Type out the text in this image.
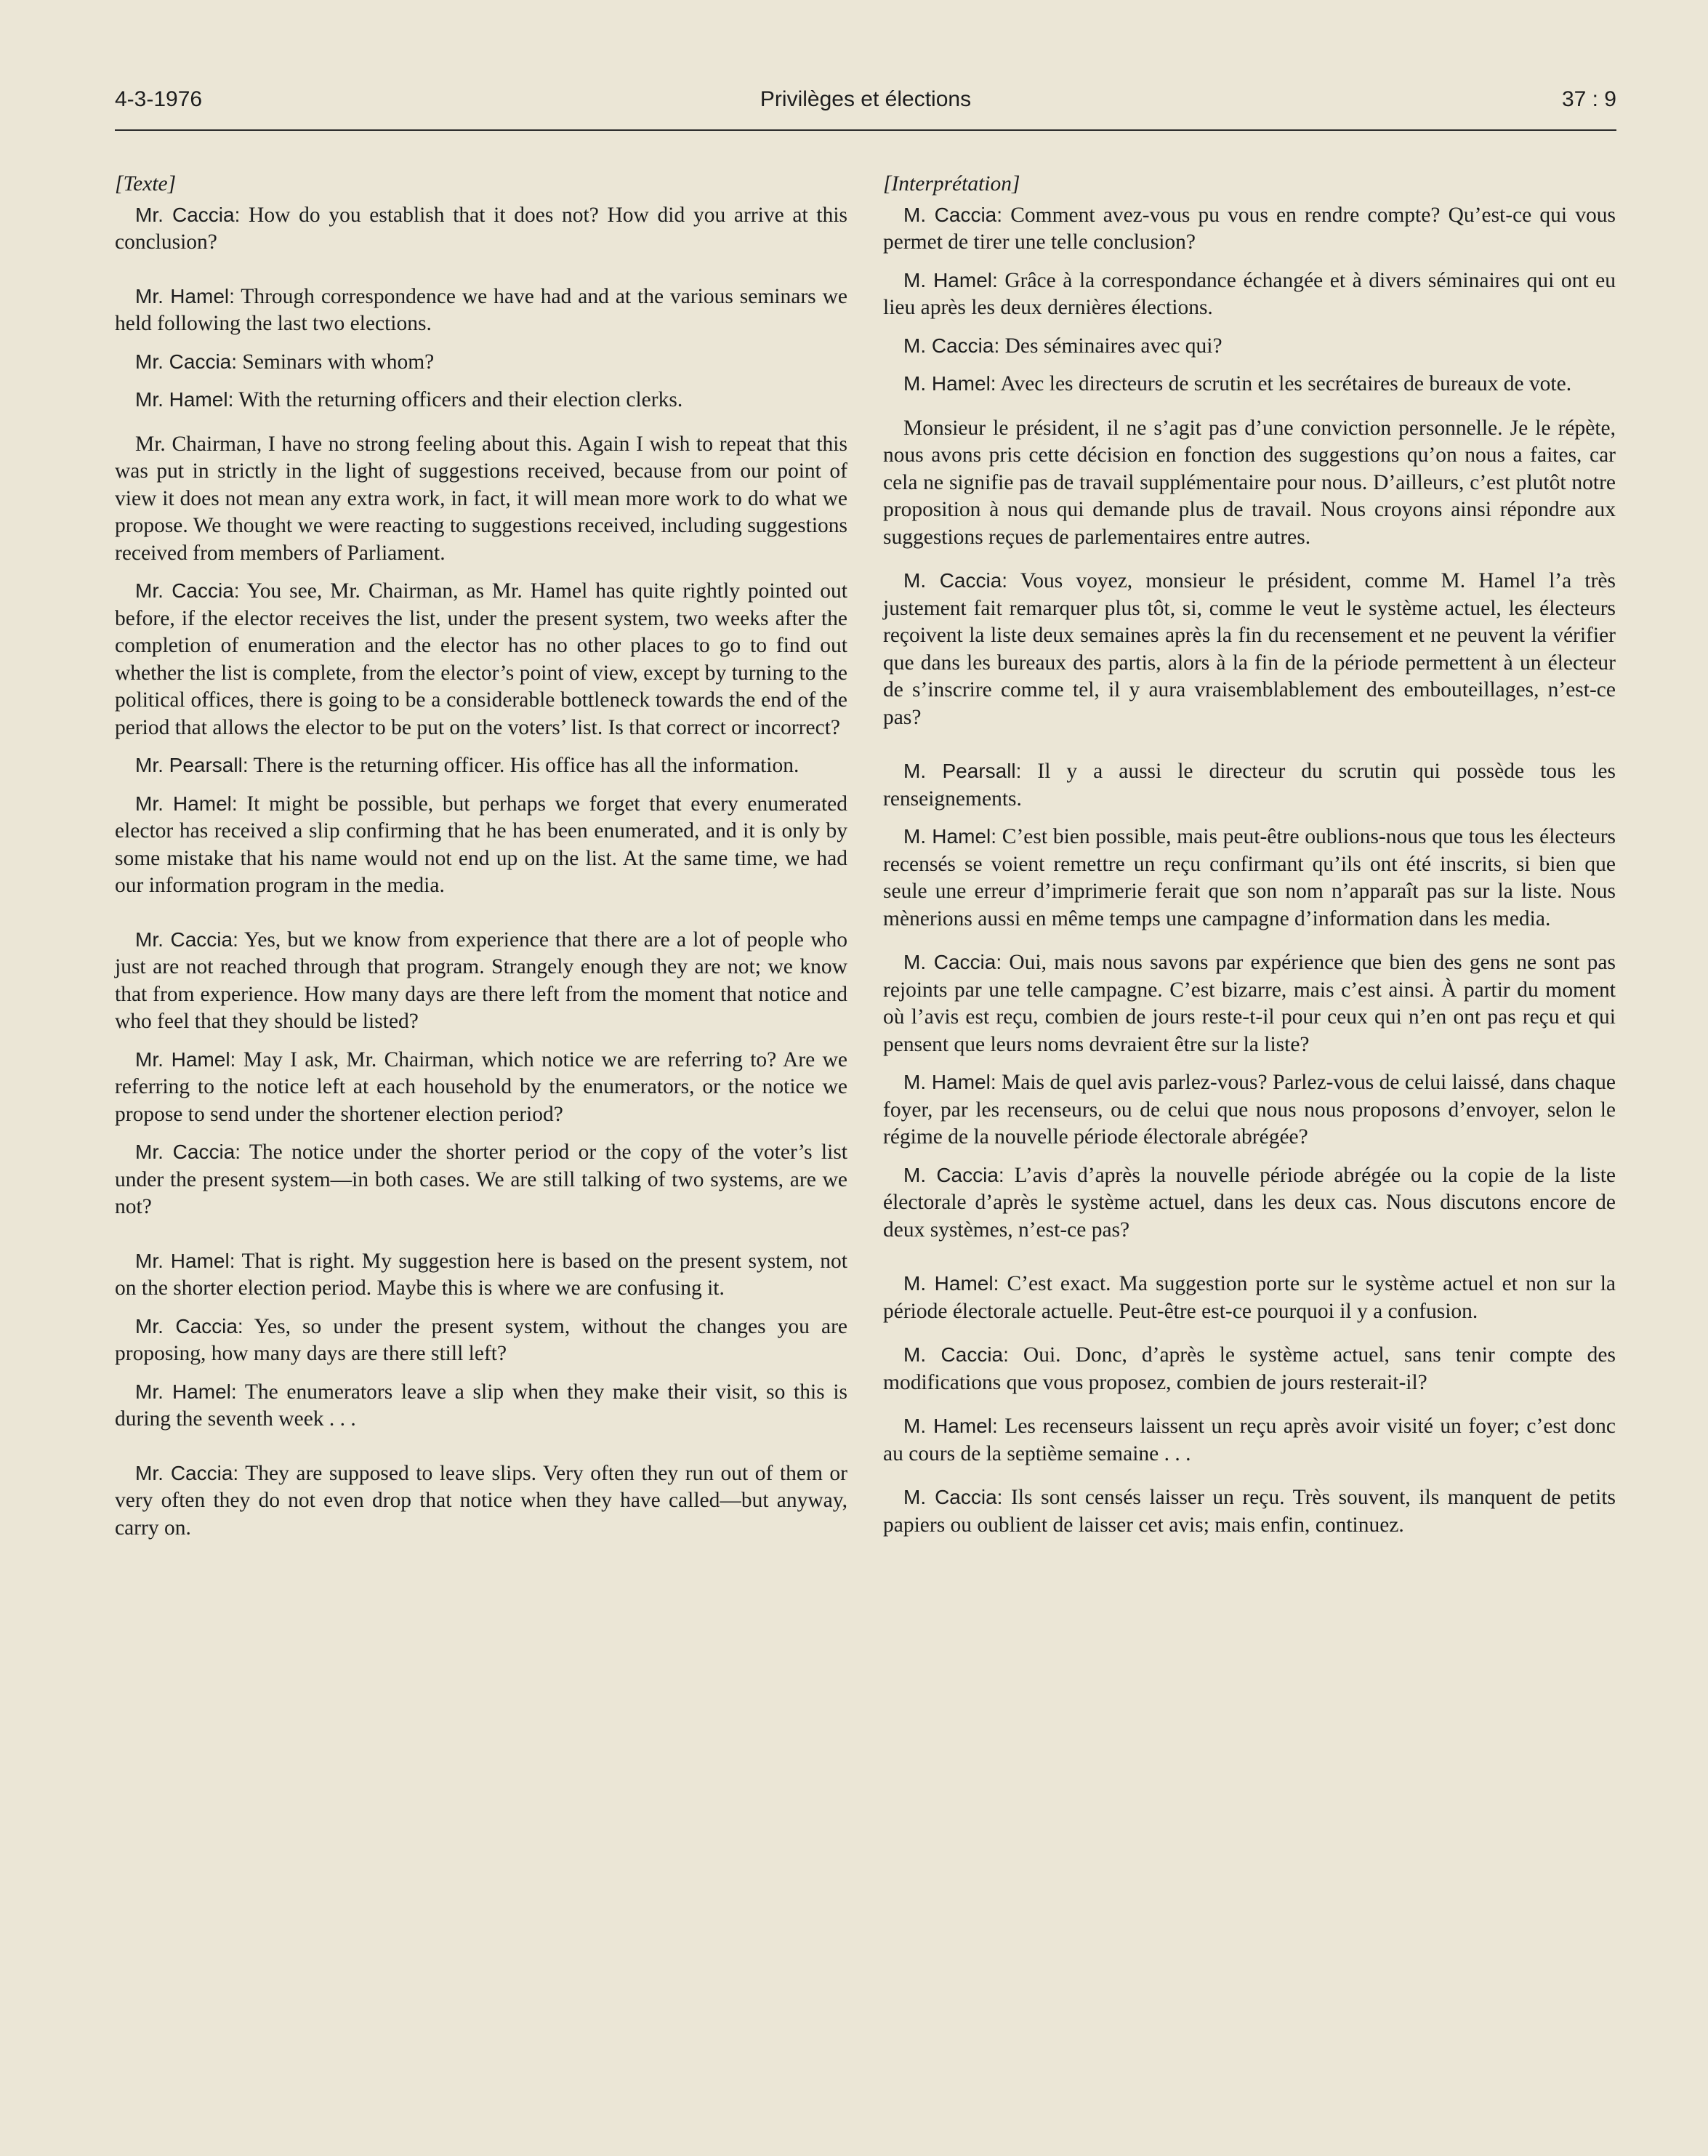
4-3-1976	Privilèges et élections	37 : 9

[Texte]

Mr. Caccia: How do you establish that it does not? How did you arrive at this conclusion?

Mr. Hamel: Through correspondence we have had and at the various seminars we held following the last two elections.

Mr. Caccia: Seminars with whom?

Mr. Hamel: With the returning officers and their election clerks.

Mr. Chairman, I have no strong feeling about this. Again I wish to repeat that this was put in strictly in the light of suggestions received, because from our point of view it does not mean any extra work, in fact, it will mean more work to do what we propose. We thought we were reacting to suggestions received, including suggestions received from members of Parliament.

Mr. Caccia: You see, Mr. Chairman, as Mr. Hamel has quite rightly pointed out before, if the elector receives the list, under the present system, two weeks after the completion of enumeration and the elector has no other places to go to find out whether the list is complete, from the elector’s point of view, except by turning to the political offices, there is going to be a considerable bottleneck towards the end of the period that allows the elector to be put on the voters’ list. Is that correct or incorrect?

Mr. Pearsall: There is the returning officer. His office has all the information.

Mr. Hamel: It might be possible, but perhaps we forget that every enumerated elector has received a slip confirming that he has been enumerated, and it is only by some mistake that his name would not end up on the list. At the same time, we had our information program in the media.

Mr. Caccia: Yes, but we know from experience that there are a lot of people who just are not reached through that program. Strangely enough they are not; we know that from experience. How many days are there left from the moment that notice and who feel that they should be listed?

Mr. Hamel: May I ask, Mr. Chairman, which notice we are referring to? Are we referring to the notice left at each household by the enumerators, or the notice we propose to send under the shortener election period?

Mr. Caccia: The notice under the shorter period or the copy of the voter’s list under the present system—in both cases. We are still talking of two systems, are we not?

Mr. Hamel: That is right. My suggestion here is based on the present system, not on the shorter election period. Maybe this is where we are confusing it.

Mr. Caccia: Yes, so under the present system, without the changes you are proposing, how many days are there still left?

Mr. Hamel: The enumerators leave a slip when they make their visit, so this is during the seventh week . . .

Mr. Caccia: They are supposed to leave slips. Very often they run out of them or very often they do not even drop that notice when they have called—but anyway, carry on.

[Interprétation]

M. Caccia: Comment avez-vous pu vous en rendre compte? Qu’est-ce qui vous permet de tirer une telle conclusion?

M. Hamel: Grâce à la correspondance échangée et à divers séminaires qui ont eu lieu après les deux dernières élections.

M. Caccia: Des séminaires avec qui?

M. Hamel: Avec les directeurs de scrutin et les secrétaires de bureaux de vote.

Monsieur le président, il ne s’agit pas d’une conviction personnelle. Je le répète, nous avons pris cette décision en fonction des suggestions qu’on nous a faites, car cela ne signifie pas de travail supplémentaire pour nous. D’ailleurs, c’est plutôt notre proposition à nous qui demande plus de travail. Nous croyons ainsi répondre aux suggestions reçues de parlementaires entre autres.

M. Caccia: Vous voyez, monsieur le président, comme M. Hamel l’a très justement fait remarquer plus tôt, si, comme le veut le système actuel, les électeurs reçoivent la liste deux semaines après la fin du recensement et ne peuvent la vérifier que dans les bureaux des partis, alors à la fin de la période permettent à un électeur de s’inscrire comme tel, il y aura vraisemblablement des embouteillages, n’est-ce pas?

M. Pearsall: Il y a aussi le directeur du scrutin qui possède tous les renseignements.

M. Hamel: C’est bien possible, mais peut-être oublions-nous que tous les électeurs recensés se voient remettre un reçu confirmant qu’ils ont été inscrits, si bien que seule une erreur d’imprimerie ferait que son nom n’apparaît pas sur la liste. Nous mènerions aussi en même temps une campagne d’information dans les media.

M. Caccia: Oui, mais nous savons par expérience que bien des gens ne sont pas rejoints par une telle campagne. C’est bizarre, mais c’est ainsi. À partir du moment où l’avis est reçu, combien de jours reste-t-il pour ceux qui n’en ont pas reçu et qui pensent que leurs noms devraient être sur la liste?

M. Hamel: Mais de quel avis parlez-vous? Parlez-vous de celui laissé, dans chaque foyer, par les recenseurs, ou de celui que nous nous proposons d’envoyer, selon le régime de la nouvelle période électorale abrégée?

M. Caccia: L’avis d’après la nouvelle période abrégée ou la copie de la liste électorale d’après le système actuel, dans les deux cas. Nous discutons encore de deux systèmes, n’est-ce pas?

M. Hamel: C’est exact. Ma suggestion porte sur le système actuel et non sur la période électorale actuelle. Peut-être est-ce pourquoi il y a confusion.

M. Caccia: Oui. Donc, d’après le système actuel, sans tenir compte des modifications que vous proposez, combien de jours resterait-il?

M. Hamel: Les recenseurs laissent un reçu après avoir visité un foyer; c’est donc au cours de la septième semaine . . .

M. Caccia: Ils sont censés laisser un reçu. Très souvent, ils manquent de petits papiers ou oublient de laisser cet avis; mais enfin, continuez.
